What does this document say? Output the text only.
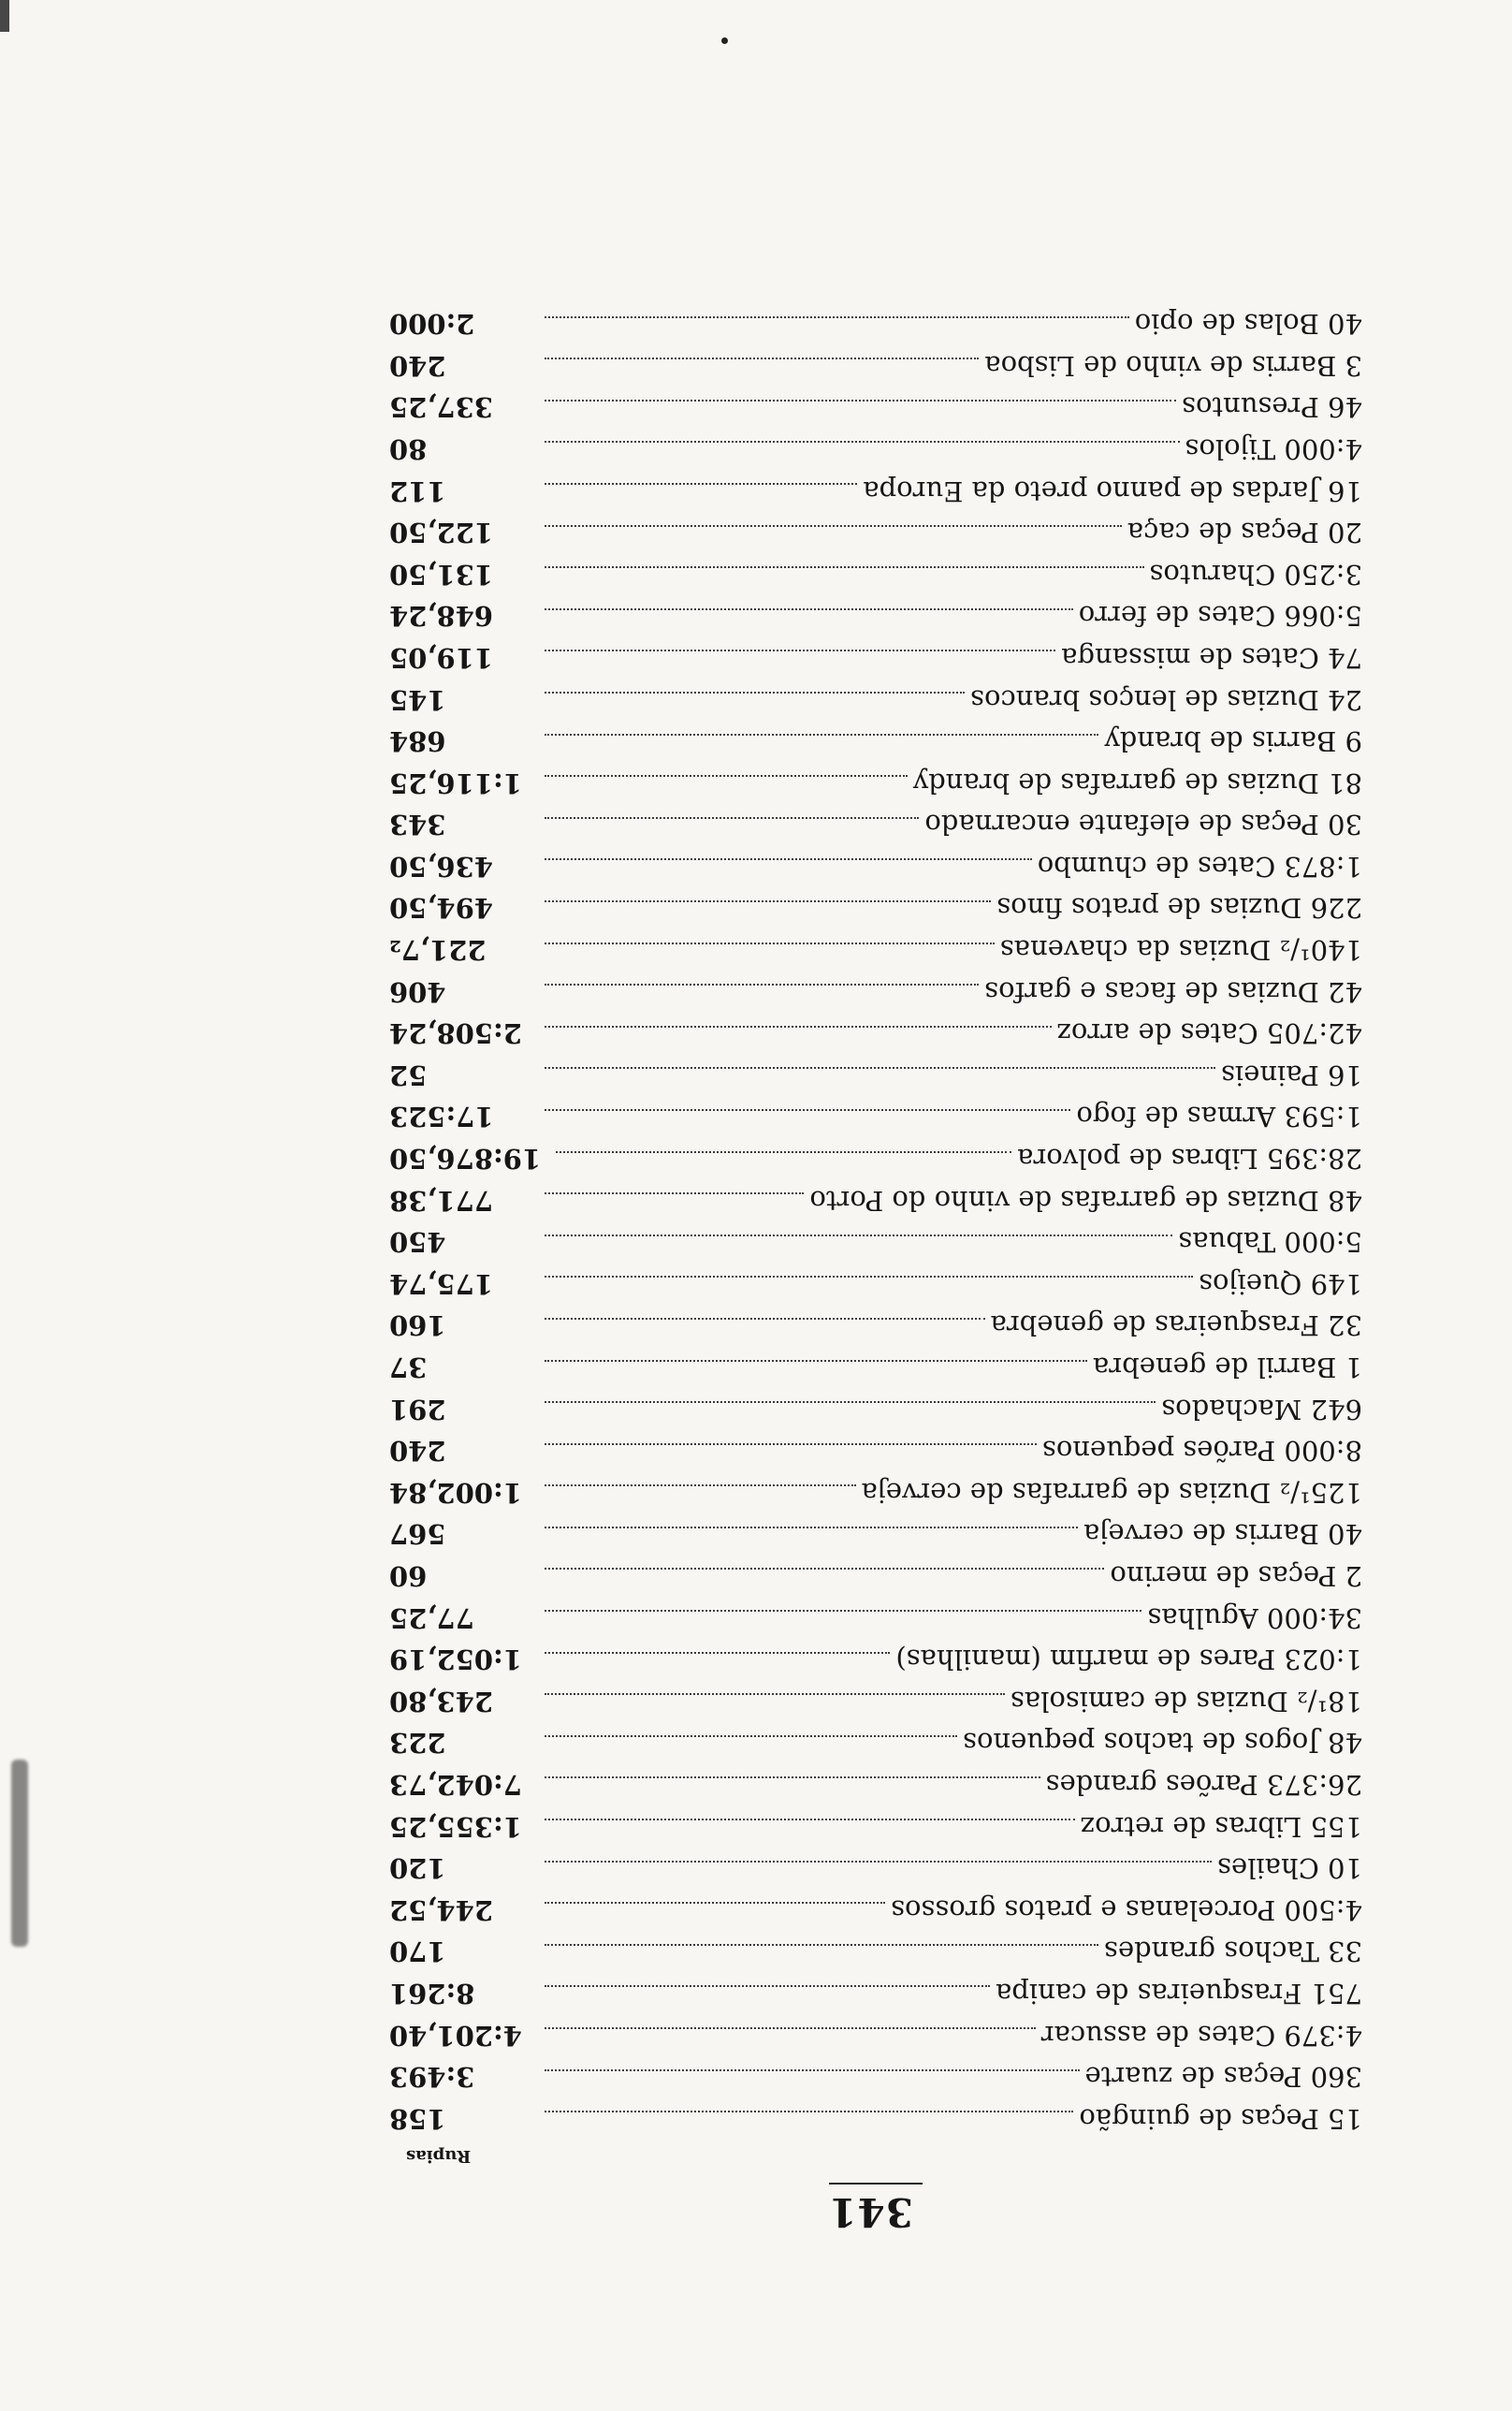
341
Rupias
15 Peças de guingão
158
360 Peças de zuarte
3:493
4:379 Cates de assucar
4:201,40
751 Frasqueiras de canipa
8:261
33 Tachos grandes
170
4:500 Porcelanas e pratos grossos
244,52
10 Chailes
120
155 Libras de retroz
1:355,25
26:373 Parões grandes
7:042,73
48 Jogos de tachos pequenos
223
18¹/₂ Duzias de camisolas
243,80
1:023 Pares de marfim (manilhas)
1:052,19
34:000 Agulhas
77,25
2 Peças de merino
60
40 Barris de cerveja
567
125¹/₂ Duzias de garrafas de cerveja
1:002,84
8:000 Parões pequenos
240
642 Machados
291
1 Barril de genebra
37
32 Frasqueiras de genebra
160
149 Queijos
175,74
5:000 Tabuas
450
48 Duzias de garrafas de vinho do Porto
771,38
28:395 Libras de polvora
19:876,50
1:593 Armas de fogo
17:523
16 Paineis
52
42:705 Cates de arroz
2:508,24
42 Duzias de facas e garfos
406
140¹/₂ Duzias da chavenas
221,7₂
226 Duzias de pratos finos
494,50
1:873 Cates de chumbo
436,50
30 Peças de elefante encarnado
343
81 Duzias de garrafas de brandy
1:116,25
9 Barris de brandy
684
24 Duzias de lenços brancos
145
74 Cates de missanga
119,05
5:066 Cates de ferro
648,24
3:250 Charutos
131,50
20 Peças de caça
122,50
16 Jardas de panno preto da Europa
112
4:000 Tijolos
80
46 Presuntos
337,25
3 Barris de vinho de Lisboa
240
40 Bolas de opio
2:000
